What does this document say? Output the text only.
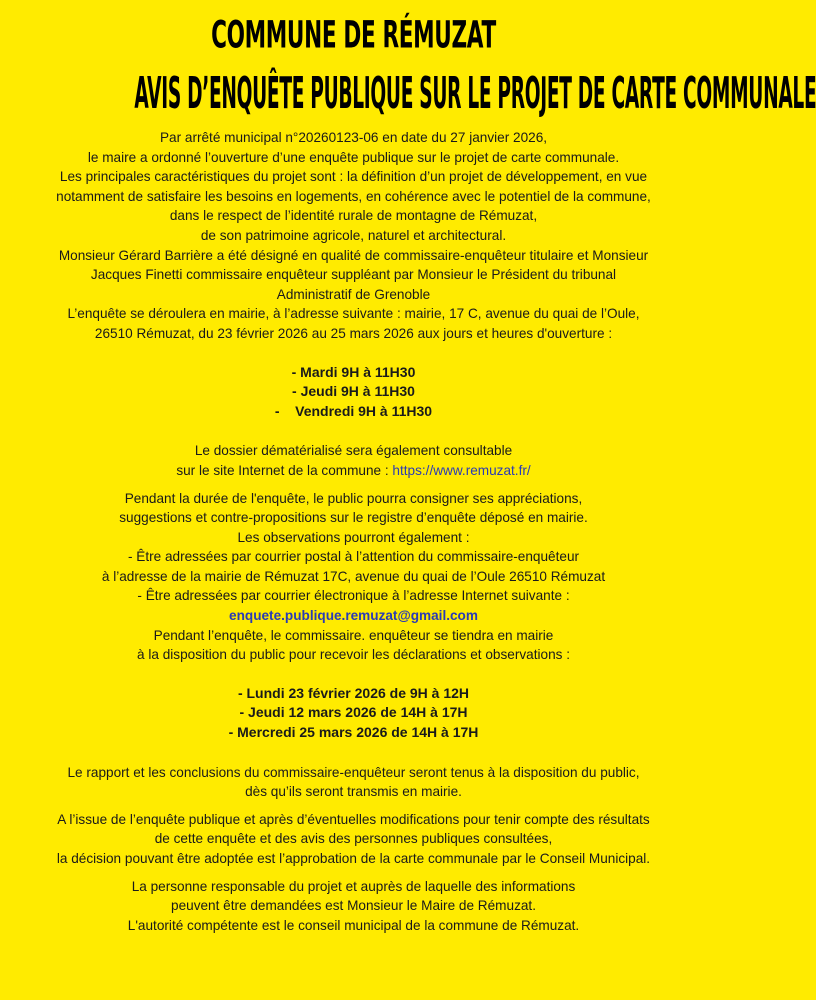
COMMUNE DE RÉMUZAT
AVIS D’ENQUÊTE PUBLIQUE SUR LE PROJET DE CARTE COMMUNALE
Par arrêté municipal n°20260123-06 en date du 27 janvier 2026,
le maire a ordonné l’ouverture d’une enquête publique sur le projet de carte communale.
Les principales caractéristiques du projet sont : la définition d’un projet de développement, en vue
notamment de satisfaire les besoins en logements, en cohérence avec le potentiel de la commune,
dans le respect de l’identité rurale de montagne de Rémuzat,
de son patrimoine agricole, naturel et architectural.
Monsieur Gérard Barrière a été désigné en qualité de commissaire-enquêteur titulaire et Monsieur
Jacques Finetti commissaire enquêteur suppléant par Monsieur le Président du tribunal
Administratif de Grenoble
L’enquête se déroulera en mairie, à l’adresse suivante : mairie, 17 C, avenue du quai de l’Oule,
26510 Rémuzat, du 23 février 2026 au 25 mars 2026 aux jours et heures d'ouverture :
- Mardi 9H à 11H30
- Jeudi 9H à 11H30
-    Vendredi 9H à 11H30
Le dossier dématérialisé sera également consultable
sur le site Internet de la commune : https://www.remuzat.fr/
Pendant la durée de l'enquête, le public pourra consigner ses appréciations,
suggestions et contre-propositions sur le registre d’enquête déposé en mairie.
Les observations pourront également :
- Être adressées par courrier postal à l’attention du commissaire-enquêteur
à l’adresse de la mairie de Rémuzat 17C, avenue du quai de l’Oule 26510 Rémuzat
- Être adressées par courrier électronique à l’adresse Internet suivante :
enquete.publique.remuzat@gmail.com
Pendant l’enquête, le commissaire. enquêteur se tiendra en mairie
à la disposition du public pour recevoir les déclarations et observations :
- Lundi 23 février 2026 de 9H à 12H
- Jeudi 12 mars 2026 de 14H à 17H
- Mercredi 25 mars 2026 de 14H à 17H
Le rapport et les conclusions du commissaire-enquêteur seront tenus à la disposition du public,
dès qu’ils seront transmis en mairie.
A l’issue de l’enquête publique et après d’éventuelles modifications pour tenir compte des résultats
de cette enquête et des avis des personnes publiques consultées,
la décision pouvant être adoptée est l’approbation de la carte communale par le Conseil Municipal.
La personne responsable du projet et auprès de laquelle des informations
peuvent être demandées est Monsieur le Maire de Rémuzat.
L'autorité compétente est le conseil municipal de la commune de Rémuzat.
